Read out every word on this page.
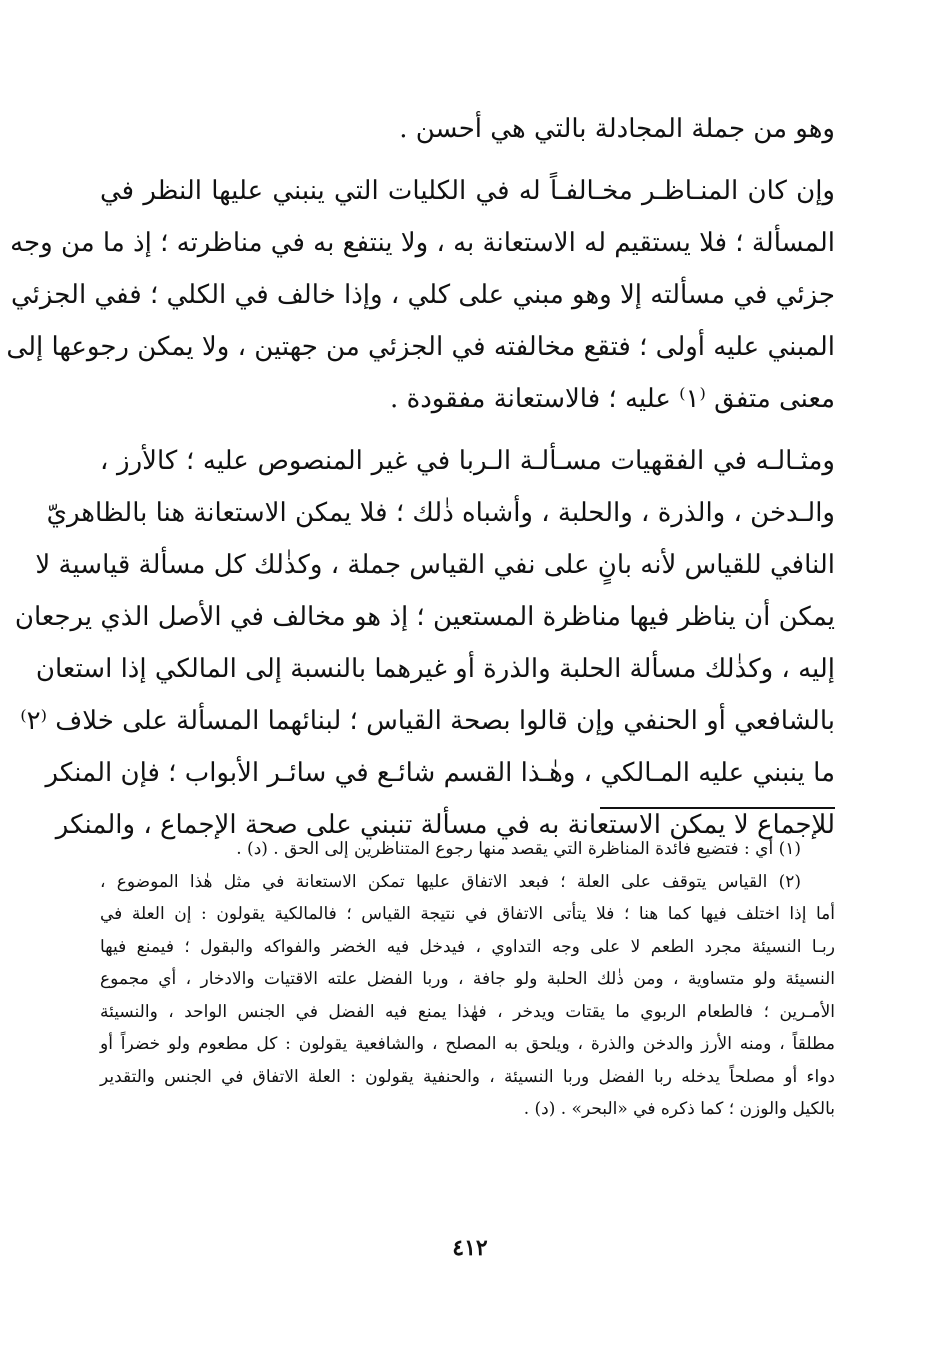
وهو من جملة المجادلة بالتي هي أحسن .
وإن كان المنـاظـر مخـالفـاً له في الكليات التي ينبني عليها النظر في
المسألة ؛ فلا يستقيم له الاستعانة به ، ولا ينتفع به في مناظرته ؛ إذ ما من وجه
جزئي في مسألته إلا وهو مبني على كلي ، وإذا خالف في الكلي ؛ ففي الجزئي
المبني عليه أولى ؛ فتقع مخالفته في الجزئي من جهتين ، ولا يمكن رجوعها إلى
معنى متفق ⁽١⁾ عليه ؛ فالاستعانة مفقودة .
ومثـالـه في الفقهيات مسـألـة الـربا في غير المنصوص عليه ؛ كالأرز ،
والـدخن ، والذرة ، والحلبة ، وأشباه ذٰلك ؛ فلا يمكن الاستعانة هنا بالظاهريّ
النافي للقياس لأنه بانٍ على نفي القياس جملة ، وكذٰلك كل مسألة قياسية لا
يمكن أن يناظر فيها مناظرة المستعين ؛ إذ هو مخالف في الأصل الذي يرجعان
إليه ، وكذٰلك مسألة الحلبة والذرة أو غيرهما بالنسبة إلى المالكي إذا استعان
بالشافعي أو الحنفي وإن قالوا بصحة القياس ؛ لبنائهما المسألة على خلاف ⁽٢⁾
ما ينبني عليه المـالكي ، وهٰـذا القسم شائـع في سائـر الأبواب ؛ فإن المنكر
للإجماع لا يمكن الاستعانة به في مسألة تنبني على صحة الإجماع ، والمنكر
(١) أي : فتضيع فائدة المناظرة التي يقصد منها رجوع المتناظرين إلى الحق . (د) .
(٢) القياس يتوقف على العلة ؛ فبعد الاتفاق عليها تمكن الاستعانة في مثل هٰذا الموضوع ،
أما إذا اختلف فيها كما هنا ؛ فلا يتأتى الاتفاق في نتيجة القياس ؛ فالمالكية يقولون : إن العلة في
ربـا النسيئة مجرد الطعم لا على وجه التداوي ، فيدخل فيه الخضر والفواكه والبقول ؛ فيمنع فيها
النسيئة ولو متساوية ، ومن ذٰلك الحلبة ولو جافة ، وربا الفضل علته الاقتيات والادخار ، أي مجموع
الأمـرين ؛ فالطعام الربوي ما يقتات ويدخر ، فهٰذا يمنع فيه الفضل في الجنس الواحد ، والنسيئة
مطلقاً ، ومنه الأرز والدخن والذرة ، ويلحق به المصلح ، والشافعية يقولون : كل مطعوم ولو خضراً أو
دواء أو مصلحاً يدخله ربا الفضل وربا النسيئة ، والحنفية يقولون : العلة الاتفاق في الجنس والتقدير
بالكيل والوزن ؛ كما ذكره في «البحر» . (د) .
٤١٢
